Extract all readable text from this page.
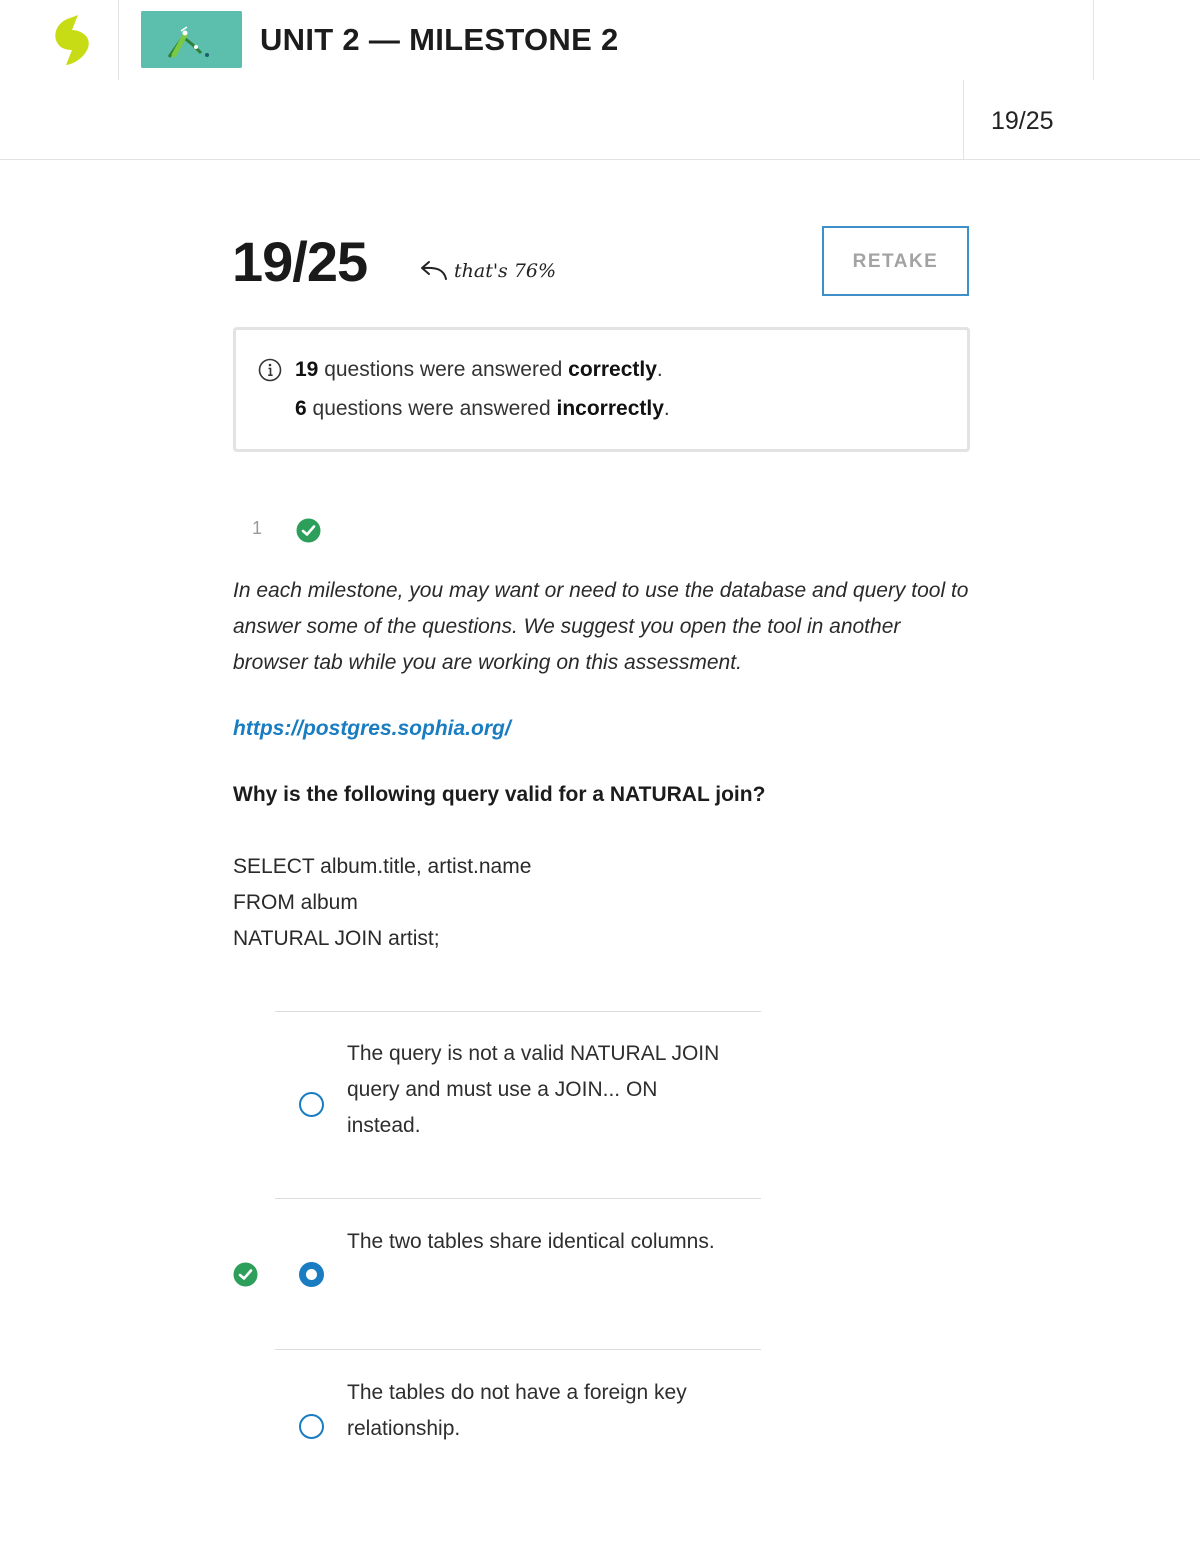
UNIT 2 — MILESTONE 2
19/25
19/25	that's 76%	RETAKE
19 questions were answered correctly.
6 questions were answered incorrectly.
1
In each milestone, you may want or need to use the database and query tool to answer some of the questions. We suggest you open the tool in another browser tab while you are working on this assessment.
https://postgres.sophia.org/
Why is the following query valid for a NATURAL join?
SELECT album.title, artist.name
FROM album
NATURAL JOIN artist;
The query is not a valid NATURAL JOIN query and must use a JOIN... ON instead.
The two tables share identical columns.
The tables do not have a foreign key relationship.
